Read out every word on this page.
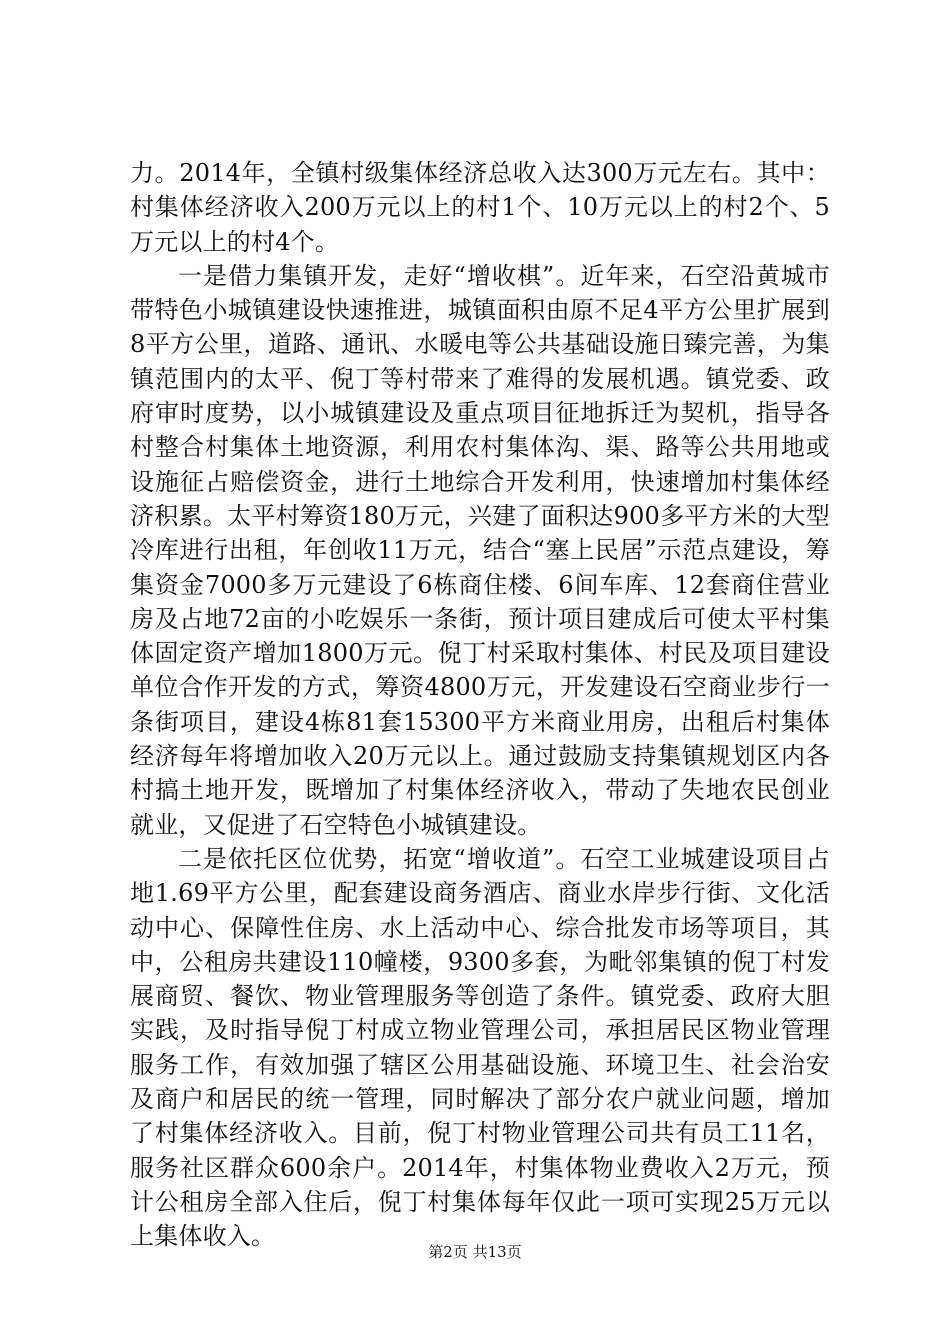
力。2014年，全镇村级集体经济总收入达300万元左右。其中：村集体经济收入200万元以上的村1个、10万元以上的村2个、5万元以上的村4个。

一是借力集镇开发，走好“增收棋”。近年来，石空沿黄城市带特色小城镇建设快速推进，城镇面积由原不足4平方公里扩展到8平方公里，道路、通讯、水暖电等公共基础设施日臻完善，为集镇范围内的太平、倪丁等村带来了难得的发展机遇。镇党委、政府审时度势，以小城镇建设及重点项目征地拆迁为契机，指导各村整合村集体土地资源，利用农村集体沟、渠、路等公共用地或设施征占赔偿资金，进行土地综合开发利用，快速增加村集体经济积累。太平村筹资180万元，兴建了面积达900多平方米的大型冷库进行出租，年创收11万元，结合“塞上民居”示范点建设，筹集资金7000多万元建设了6栋商住楼、6间车库、12套商住营业房及占地72亩的小吃娱乐一条街，预计项目建成后可使太平村集体固定资产增加1800万元。倪丁村采取村集体、村民及项目建设单位合作开发的方式，筹资4800万元，开发建设石空商业步行一条街项目，建设4栋81套15300平方米商业用房，出租后村集体经济每年将增加收入20万元以上。通过鼓励支持集镇规划区内各村搞土地开发，既增加了村集体经济收入，带动了失地农民创业就业，又促进了石空特色小城镇建设。

二是依托区位优势，拓宽“增收道”。石空工业城建设项目占地1.69平方公里，配套建设商务酒店、商业水岸步行街、文化活动中心、保障性住房、水上活动中心、综合批发市场等项目，其中，公租房共建设110幢楼，9300多套，为毗邻集镇的倪丁村发展商贸、餐饮、物业管理服务等创造了条件。镇党委、政府大胆实践，及时指导倪丁村成立物业管理公司，承担居民区物业管理服务工作，有效加强了辖区公用基础设施、环境卫生、社会治安及商户和居民的统一管理，同时解决了部分农户就业问题，增加了村集体经济收入。目前，倪丁村物业管理公司共有员工11名，服务社区群众600余户。2014年，村集体物业费收入2万元，预计公租房全部入住后，倪丁村集体每年仅此一项可实现25万元以上集体收入。

第2页 共13页
